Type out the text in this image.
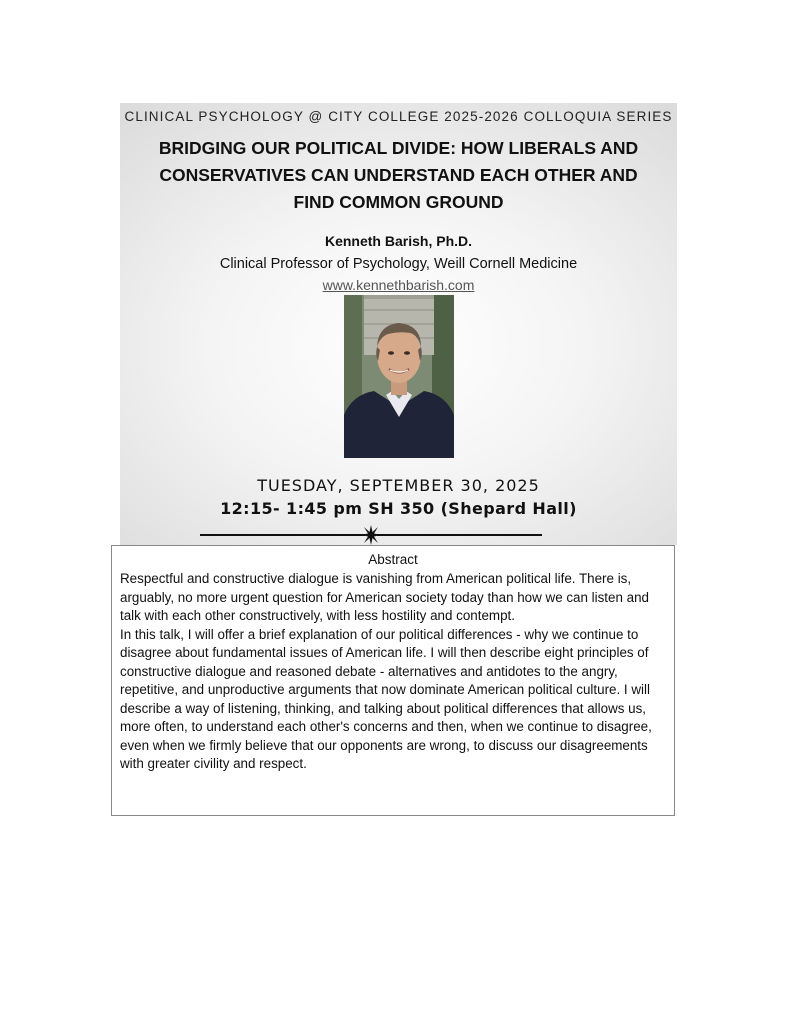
CLINICAL PSYCHOLOGY @ CITY COLLEGE 2025-2026 COLLOQUIA SERIES
BRIDGING OUR POLITICAL DIVIDE: HOW LIBERALS AND CONSERVATIVES CAN UNDERSTAND EACH OTHER AND FIND COMMON GROUND
Kenneth Barish, Ph.D.
Clinical Professor of Psychology, Weill Cornell Medicine
www.kennethbarish.com
TUESDAY, SEPTEMBER 30, 2025
12:15- 1:45 pm SH 350 (Shepard Hall)
Abstract

Respectful and constructive dialogue is vanishing from American political life. There is, arguably, no more urgent question for American society today than how we can listen and talk with each other constructively, with less hostility and contempt.

In this talk, I will offer a brief explanation of our political differences - why we continue to disagree about fundamental issues of American life. I will then describe eight principles of constructive dialogue and reasoned debate - alternatives and antidotes to the angry, repetitive, and unproductive arguments that now dominate American political culture. I will describe a way of listening, thinking, and talking about political differences that allows us, more often, to understand each other's concerns and then, when we continue to disagree, even when we firmly believe that our opponents are wrong, to discuss our disagreements with greater civility and respect.
